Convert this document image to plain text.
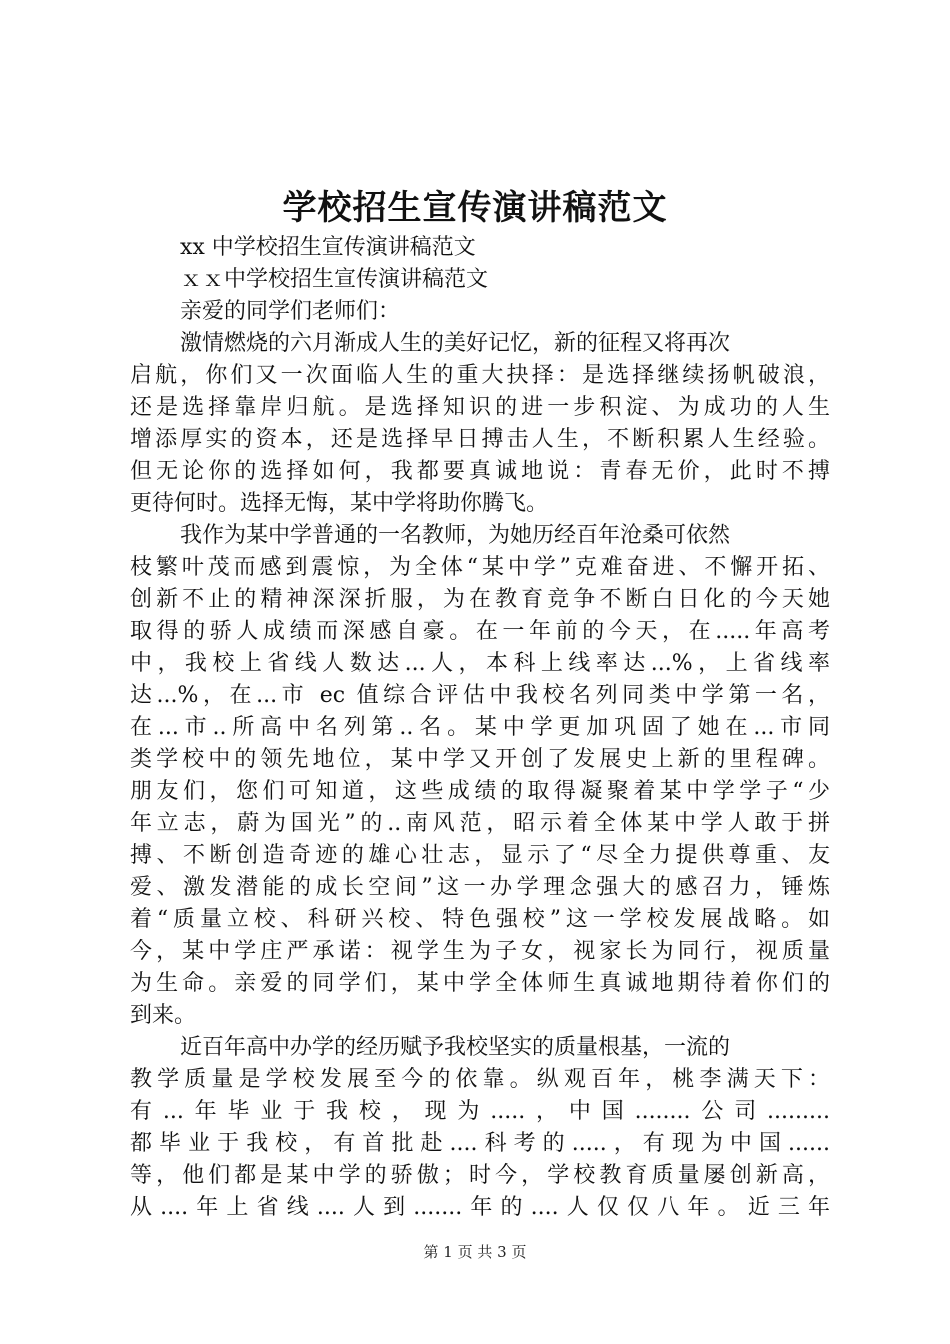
学校招生宣传演讲稿范文
xx 中学校招生宣传演讲稿范文
ｘｘ中学校招生宣传演讲稿范文
亲爱的同学们老师们：
激情燃烧的六月渐成人生的美好记忆，新的征程又将再次
启航，你们又一次面临人生的重大抉择：是选择继续扬帆破浪，
还是选择靠岸归航。是选择知识的进一步积淀、为成功的人生
增添厚实的资本，还是选择早日搏击人生，不断积累人生经验。
但无论你的选择如何，我都要真诚地说：青春无价，此时不搏
更待何时。选择无悔，某中学将助你腾飞。
我作为某中学普通的一名教师，为她历经百年沧桑可依然
枝繁叶茂而感到震惊，为全体“某中学”克难奋进、不懈开拓、
创新不止的精神深深折服，为在教育竞争不断白日化的今天她
取得的骄人成绩而深感自豪。在一年前的今天，在.....年高考
中，我校上省线人数达...人，本科上线率达...%，上省线率
达...%，在...市 ec 值综合评估中我校名列同类中学第一名，
在...市..所高中名列第..名。某中学更加巩固了她在...市同
类学校中的领先地位，某中学又开创了发展史上新的里程碑。
朋友们，您们可知道，这些成绩的取得凝聚着某中学学子“少
年立志，蔚为国光”的..南风范，昭示着全体某中学人敢于拼
搏、不断创造奇迹的雄心壮志，显示了“尽全力提供尊重、友
爱、激发潜能的成长空间”这一办学理念强大的感召力，锤炼
着“质量立校、科研兴校、特色强校”这一学校发展战略。如
今，某中学庄严承诺：视学生为子女，视家长为同行，视质量
为生命。亲爱的同学们，某中学全体师生真诚地期待着你们的
到来。
近百年高中办学的经历赋予我校坚实的质量根基，一流的
教学质量是学校发展至今的依靠。纵观百年，桃李满天下：
有...年毕业于我校，现为.....，中国........公司.........
都毕业于我校，有首批赴....科考的.....，有现为中国......
等，他们都是某中学的骄傲；时今，学校教育质量屡创新高，
从....年上省线....人到.......年的....人仅仅八年。近三年
第 1 页 共 3 页
